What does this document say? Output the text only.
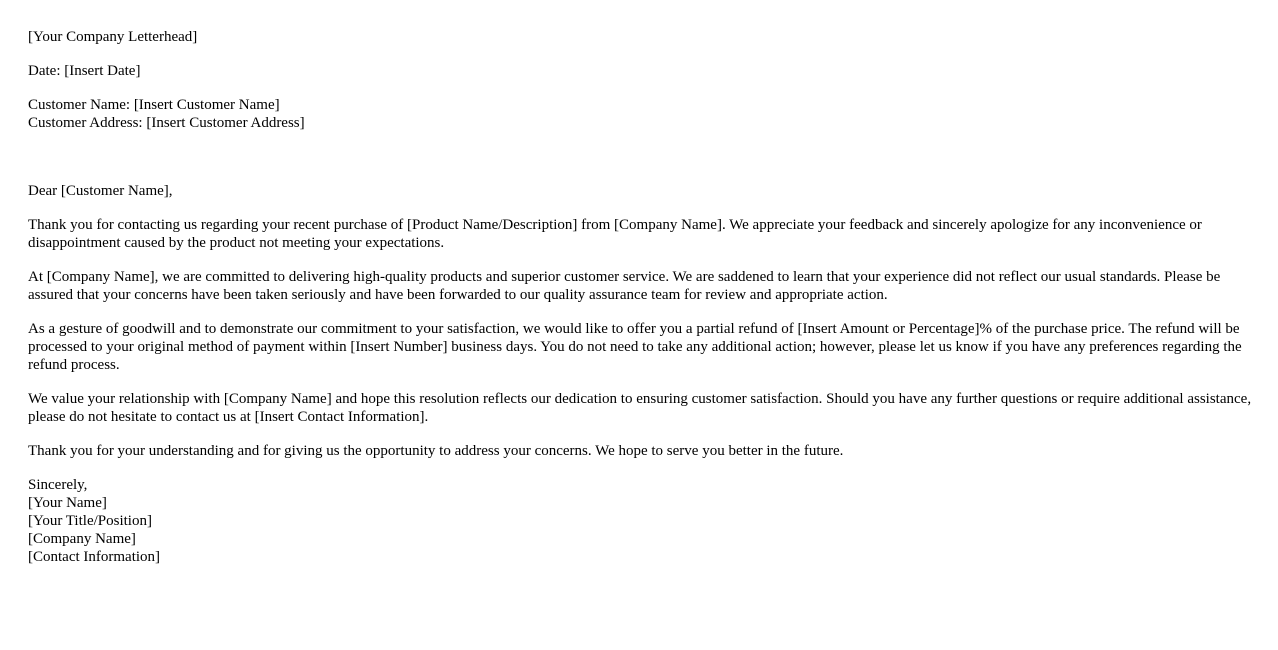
[Your Company Letterhead]
Date: [Insert Date]
Customer Name: [Insert Customer Name]
Customer Address: [Insert Customer Address]
Dear [Customer Name],

Thank you for contacting us regarding your recent purchase of [Product Name/Description] from [Company Name]. We appreciate your feedback and sincerely apologize for any inconvenience or disappointment caused by the product not meeting your expectations.

At [Company Name], we are committed to delivering high-quality products and superior customer service. We are saddened to learn that your experience did not reflect our usual standards. Please be assured that your concerns have been taken seriously and have been forwarded to our quality assurance team for review and appropriate action.

As a gesture of goodwill and to demonstrate our commitment to your satisfaction, we would like to offer you a partial refund of [Insert Amount or Percentage]% of the purchase price. The refund will be processed to your original method of payment within [Insert Number] business days. You do not need to take any additional action; however, please let us know if you have any preferences regarding the refund process.

We value your relationship with [Company Name] and hope this resolution reflects our dedication to ensuring customer satisfaction. Should you have any further questions or require additional assistance, please do not hesitate to contact us at [Insert Contact Information].

Thank you for your understanding and for giving us the opportunity to address your concerns. We hope to serve you better in the future.

Sincerely,
[Your Name]
[Your Title/Position]
[Company Name]
[Contact Information]
